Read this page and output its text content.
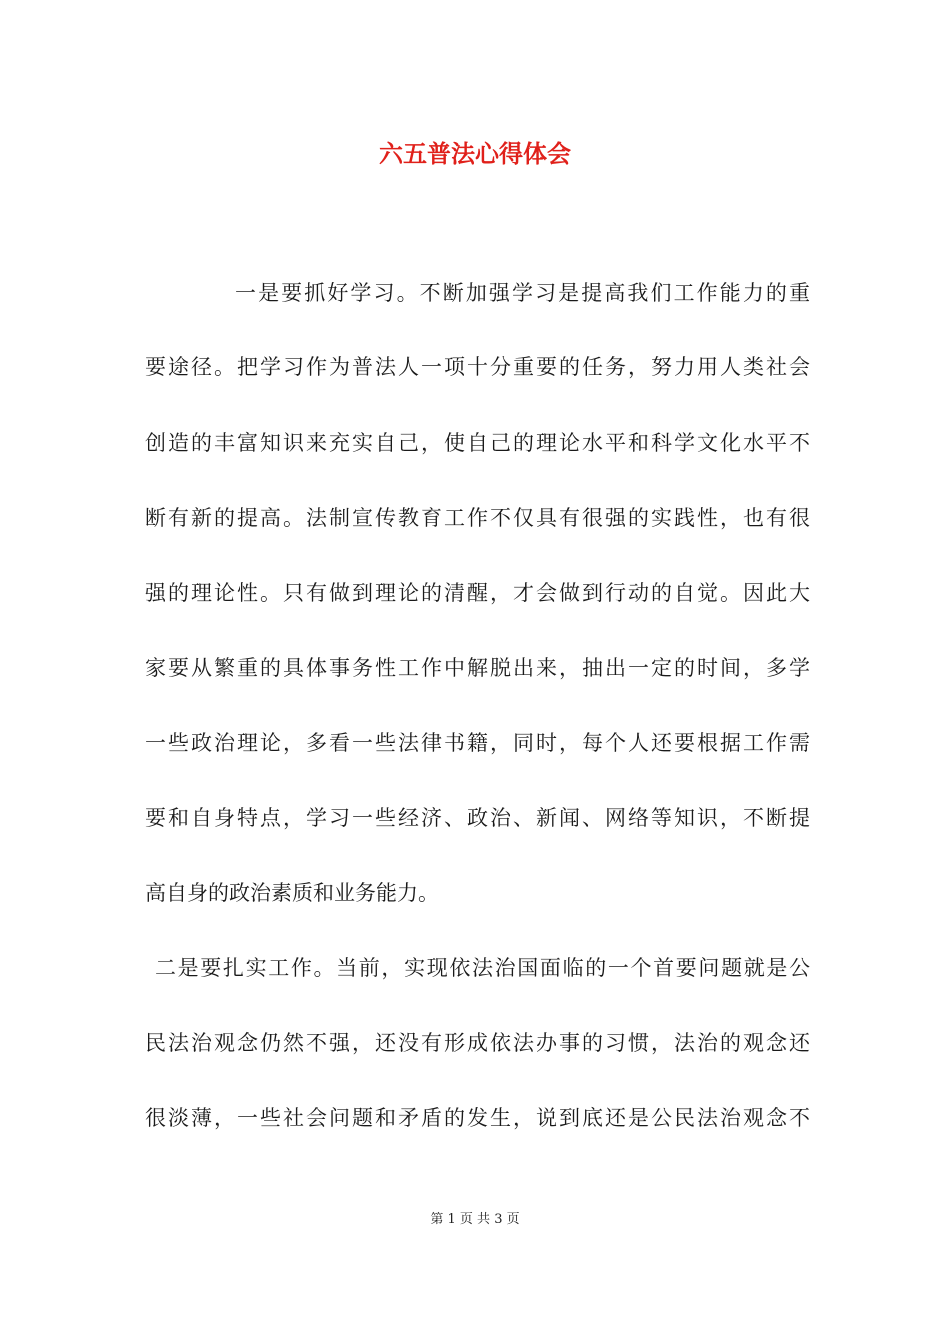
六五普法心得体会
一是要抓好学习。不断加强学习是提高我们工作能力的重
要途径。把学习作为普法人一项十分重要的任务，努力用人类社会
创造的丰富知识来充实自己，使自己的理论水平和科学文化水平不
断有新的提高。法制宣传教育工作不仅具有很强的实践性，也有很
强的理论性。只有做到理论的清醒，才会做到行动的自觉。因此大
家要从繁重的具体事务性工作中解脱出来，抽出一定的时间，多学
一些政治理论，多看一些法律书籍，同时，每个人还要根据工作需
要和自身特点，学习一些经济、政治、新闻、网络等知识，不断提
高自身的政治素质和业务能力。
二是要扎实工作。当前，实现依法治国面临的一个首要问题就是公
民法治观念仍然不强，还没有形成依法办事的习惯，法治的观念还
很淡薄，一些社会问题和矛盾的发生，说到底还是公民法治观念不
第 1 页 共 3 页
